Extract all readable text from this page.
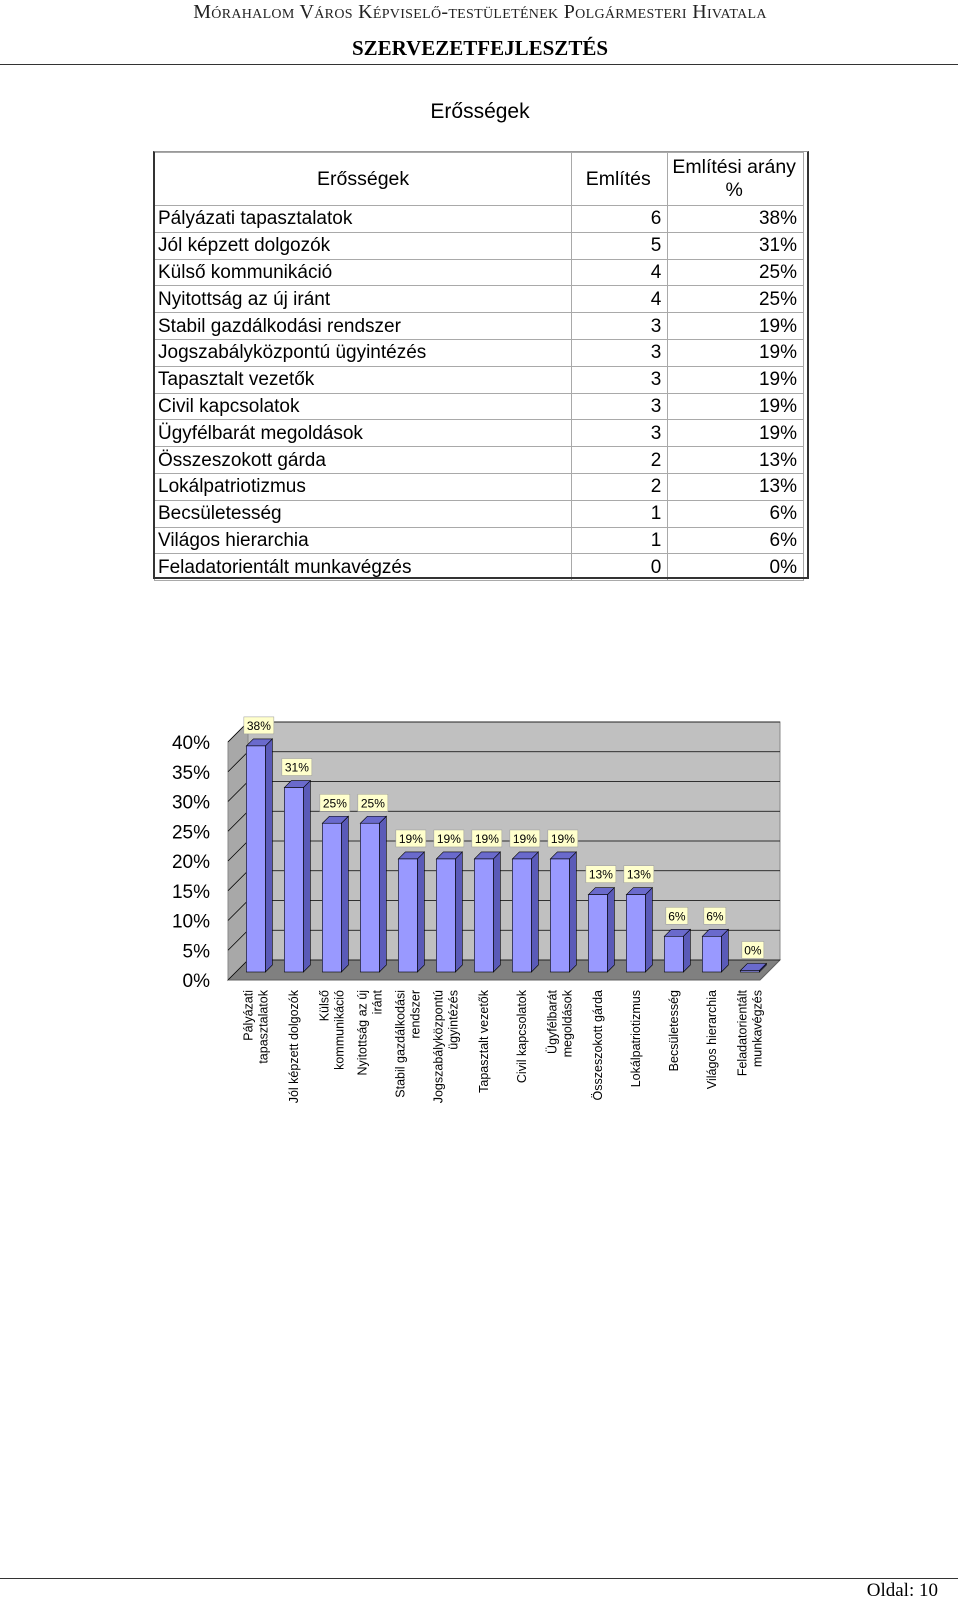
Mórahalom Város Képviselő-testületének Polgármesteri Hivatala
SZERVEZETFEJLESZTÉS
Erősségek
Erősségek	Említés	Említési arány %
Pályázati tapasztalatok	6	38%
Jól képzett dolgozók	5	31%
Külső kommunikáció	4	25%
Nyitottság az új iránt	4	25%
Stabil gazdálkodási rendszer	3	19%
Jogszabályközpontú ügyintézés	3	19%
Tapasztalt vezetők	3	19%
Civil kapcsolatok	3	19%
Ügyfélbarát megoldások	3	19%
Összeszokott gárda	2	13%
Lokálpatriotizmus	2	13%
Becsületesség	1	6%
Világos hierarchia	1	6%
Feladatorientált munkavégzés	0	0%
0%
5%
10%
15%
20%
25%
30%
35%
40%
38%
Pályázati tapasztalatok
31%
Jól képzett dolgozók
25%
Külső kommunikáció
25%
Nyitottság az új iránt
19%
Stabil gazdálkodási rendszer
19%
Jogszabályközpontú ügyintézés
19%
Tapasztalt vezetők
19%
Civil kapcsolatok
19%
Ügyfélbarát megoldások
13%
Összeszokott gárda
13%
Lokálpatriotizmus
6%
Becsületesség
6%
Világos hierarchia
0%
Feladatorientált munkavégzés
Oldal: 10
